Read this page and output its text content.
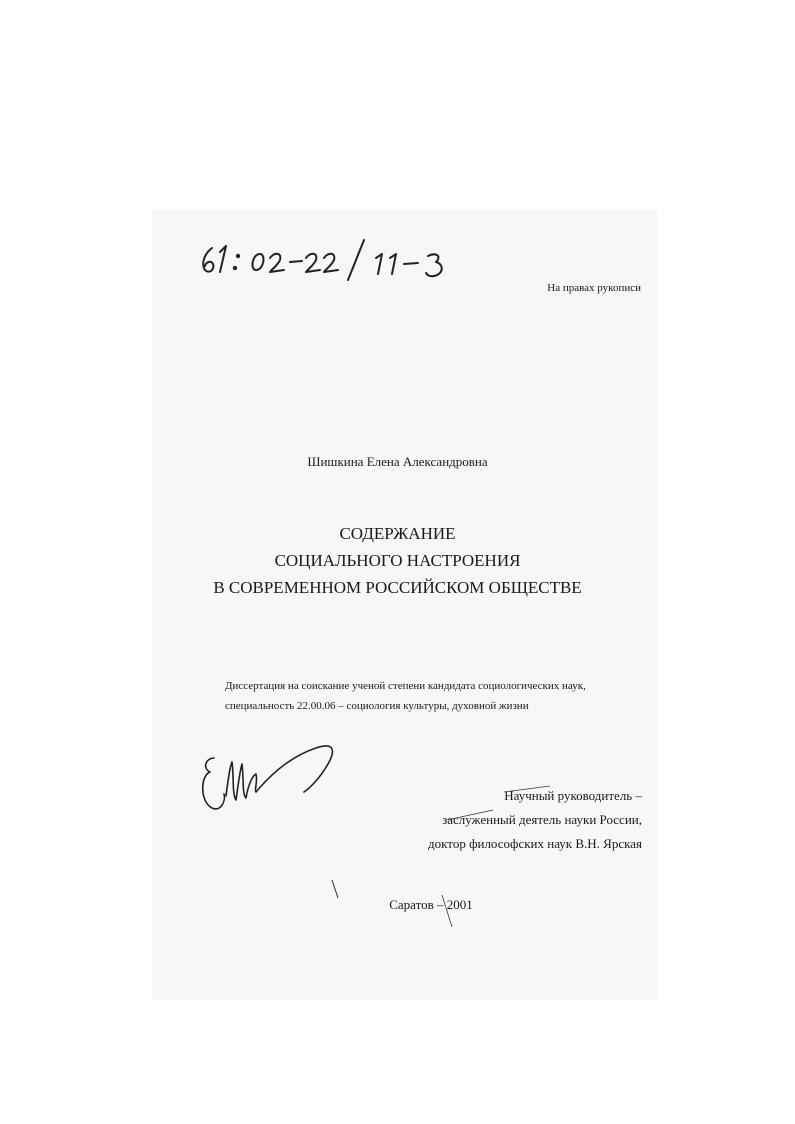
На правах рукописи
Шишкина Елена Александровна
СОДЕРЖАНИЕ
СОЦИАЛЬНОГО НАСТРОЕНИЯ
В СОВРЕМЕННОМ РОССИЙСКОМ ОБЩЕСТВЕ
Диссертация на соискание ученой степени кандидата социологических наук,
специальность 22.00.06 – социология культуры, духовной жизни
Научный руководитель –
заслуженный деятель науки России,
доктор философских наук В.Н. Ярская
Саратов – 2001
